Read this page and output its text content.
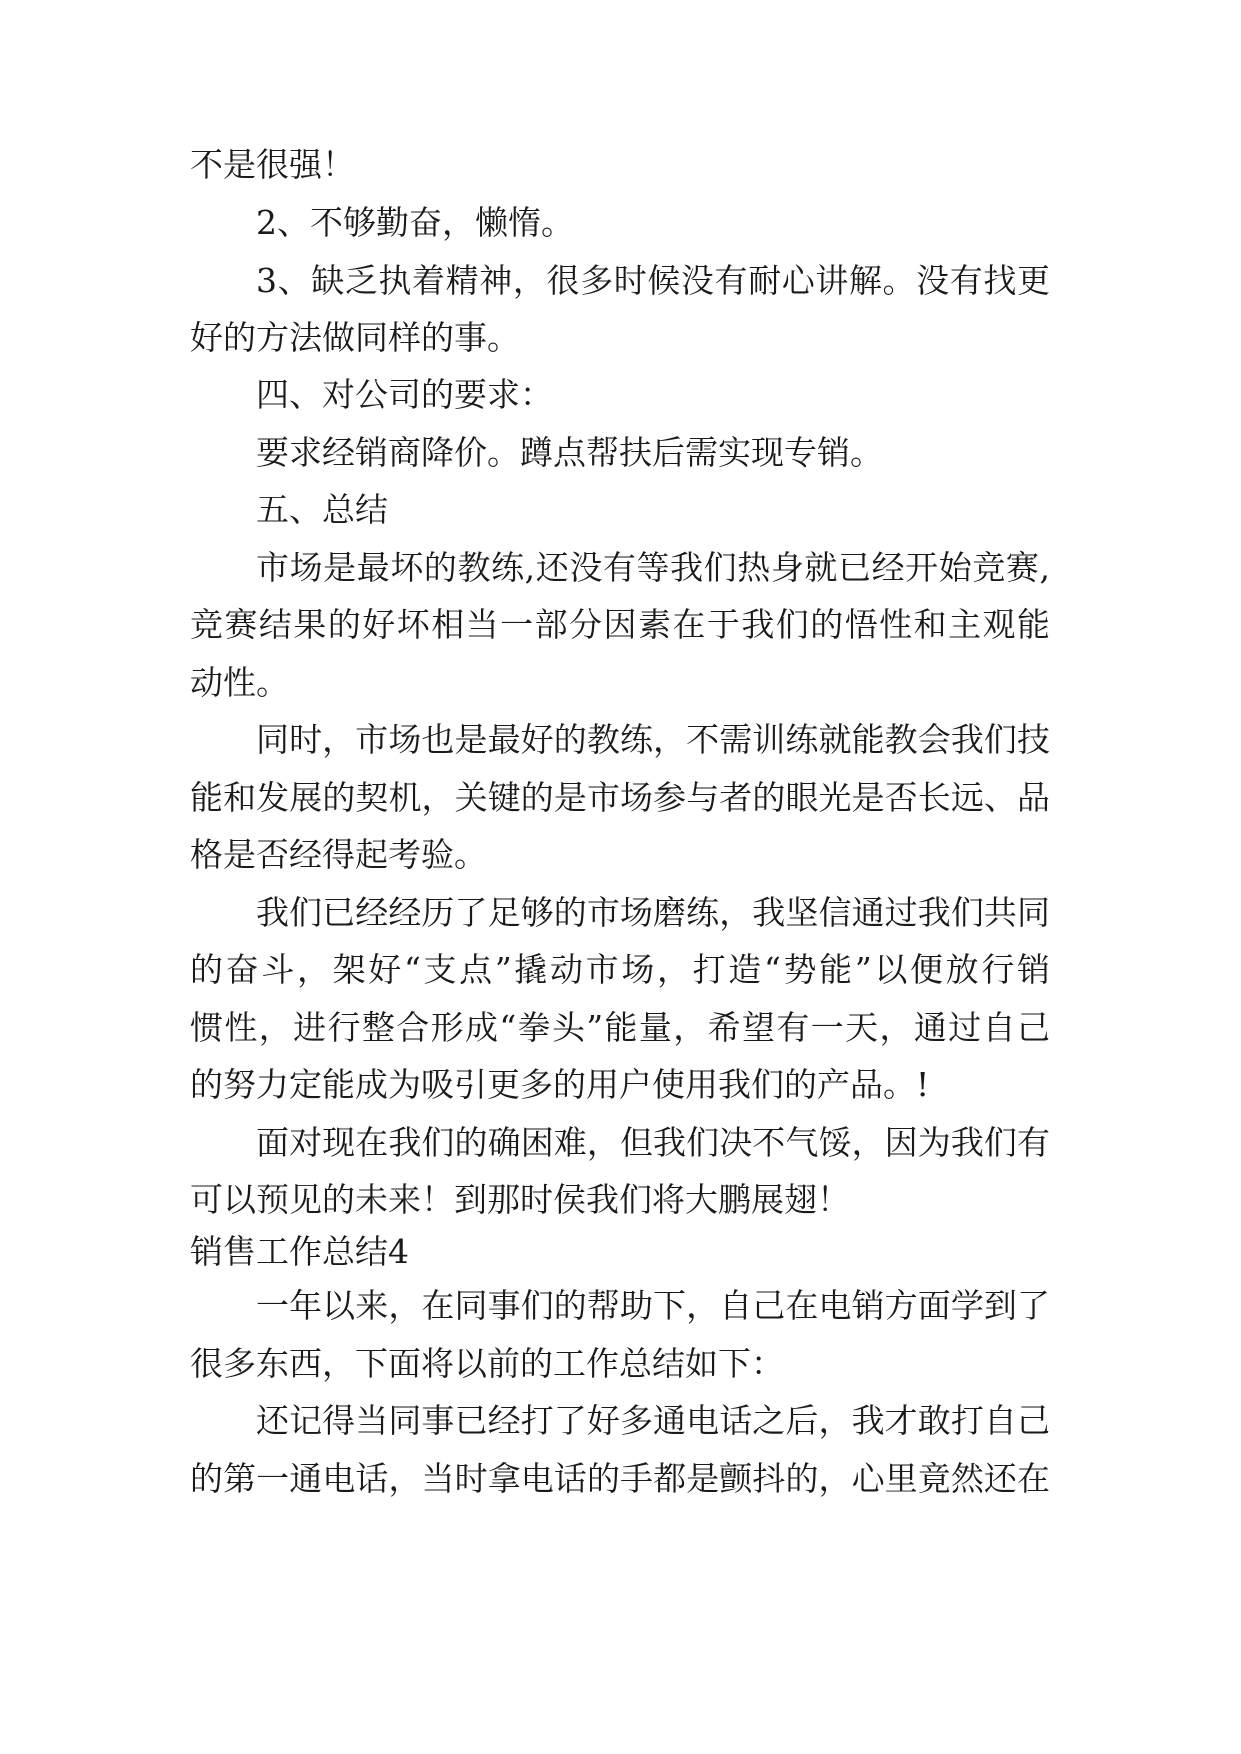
不是很强！
2、不够勤奋，懒惰。
3、缺乏执着精神，很多时候没有耐心讲解。没有找更
好的方法做同样的事。
四、对公司的要求：
要求经销商降价。蹲点帮扶后需实现专销。
五、总结
市场是最坏的教练,还没有等我们热身就已经开始竞赛,
竞赛结果的好坏相当一部分因素在于我们的悟性和主观能
动性。
同时，市场也是最好的教练，不需训练就能教会我们技
能和发展的契机，关键的是市场参与者的眼光是否长远、品
格是否经得起考验。
我们已经经历了足够的市场磨练，我坚信通过我们共同
的奋斗，架好“支点”撬动市场，打造“势能”以便放行销
惯性，进行整合形成“拳头”能量，希望有一天，通过自己
的努力定能成为吸引更多的用户使用我们的产品。!
面对现在我们的确困难，但我们决不气馁，因为我们有
可以预见的未来！到那时侯我们将大鹏展翅！
销售工作总结4
一年以来，在同事们的帮助下，自己在电销方面学到了
很多东西，下面将以前的工作总结如下：
还记得当同事已经打了好多通电话之后，我才敢打自己
的第一通电话，当时拿电话的手都是颤抖的，心里竟然还在
